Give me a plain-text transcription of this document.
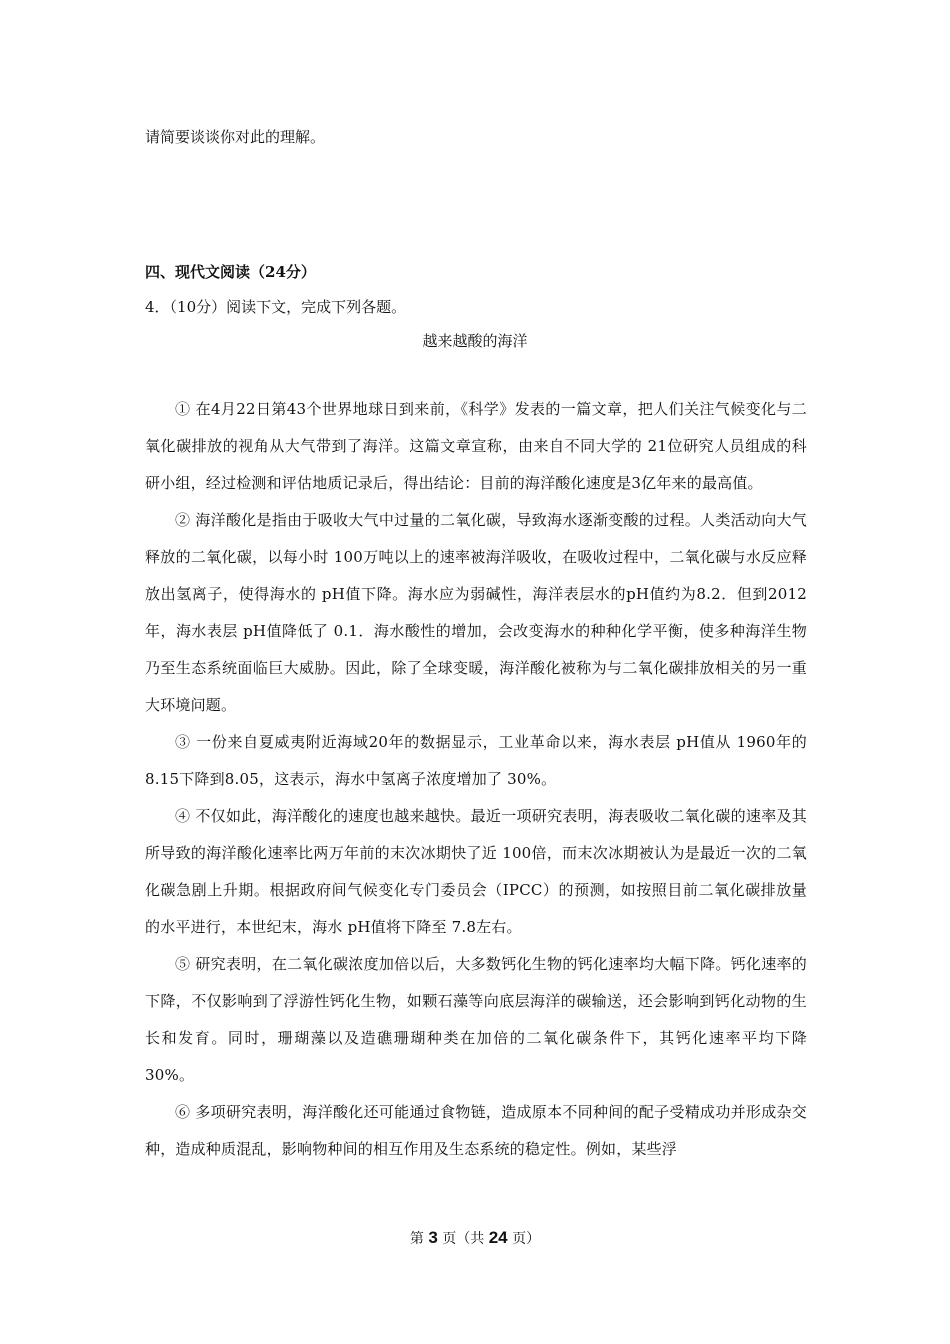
请简要谈谈你对此的理解。
四、现代文阅读（24分）
4．（10分）阅读下文，完成下列各题。
越来越酸的海洋

① 在4月22日第43个世界地球日到来前，《科学》发表的一篇文章，把人们关注气候变化与二氧化碳排放的视角从大气带到了海洋。这篇文章宣称，由来自不同大学的 21位研究人员组成的科研小组，经过检测和评估地质记录后，得出结论：目前的海洋酸化速度是3亿年来的最高值。

② 海洋酸化是指由于吸收大气中过量的二氧化碳，导致海水逐渐变酸的过程。人类活动向大气释放的二氧化碳，以每小时 100万吨以上的速率被海洋吸收，在吸收过程中，二氧化碳与水反应释放出氢离子，使得海水的 pH值下降。海水应为弱碱性，海洋表层水的pH值约为8.2．但到2012年，海水表层 pH值降低了 0.1．海水酸性的增加，会改变海水的种种化学平衡，使多种海洋生物乃至生态系统面临巨大威胁。因此，除了全球变暖，海洋酸化被称为与二氧化碳排放相关的另一重大环境问题。

③ 一份来自夏威夷附近海域20年的数据显示，工业革命以来，海水表层 pH值从 1960年的8.15下降到8.05，这表示，海水中氢离子浓度增加了 30%。

④ 不仅如此，海洋酸化的速度也越来越快。最近一项研究表明，海表吸收二氧化碳的速率及其所导致的海洋酸化速率比两万年前的末次冰期快了近 100倍，而末次冰期被认为是最近一次的二氧化碳急剧上升期。根据政府间气候变化专门委员会（IPCC）的预测，如按照目前二氧化碳排放量的水平进行，本世纪末，海水 pH值将下降至 7.8左右。

⑤ 研究表明，在二氧化碳浓度加倍以后，大多数钙化生物的钙化速率均大幅下降。钙化速率的下降，不仅影响到了浮游性钙化生物，如颗石藻等向底层海洋的碳输送，还会影响到钙化动物的生长和发育。同时，珊瑚藻以及造礁珊瑚种类在加倍的二氧化碳条件下，其钙化速率平均下降 30%。

⑥ 多项研究表明，海洋酸化还可能通过食物链，造成原本不同种间的配子受精成功并形成杂交种，造成种质混乱，影响物种间的相互作用及生态系统的稳定性。例如，某些浮

第 3 页（共 24 页）
